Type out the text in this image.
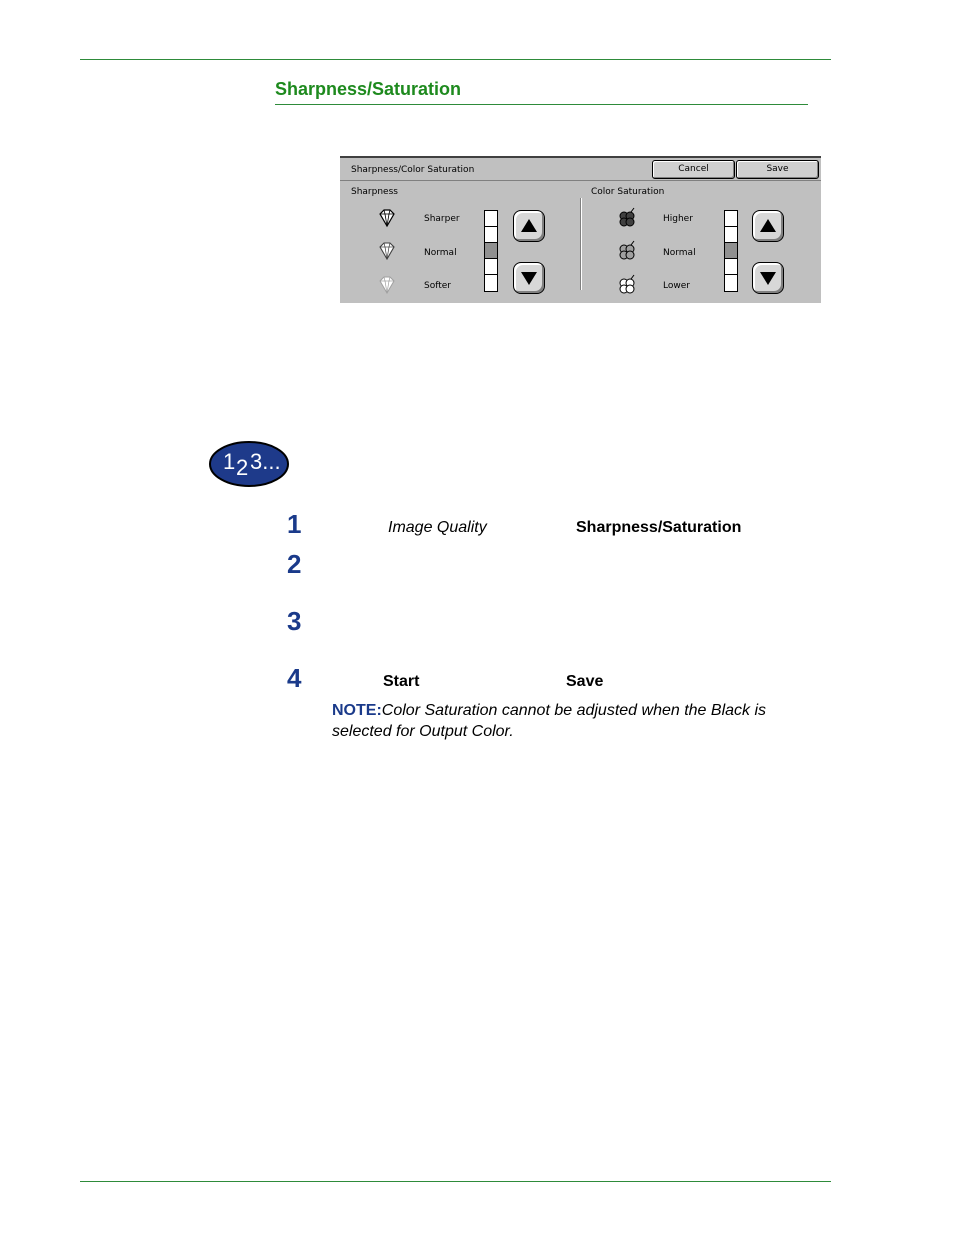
Sharpness/Saturation
Sharpness/Color Saturation	Cancel	Save
Sharpness	Color Saturation
Sharper
Normal
Softer
Higher
Normal
Lower
1 2 3...
1	Image Quality	Sharpness/Saturation
2
3
4	Start	Save
NOTE:Color Saturation cannot be adjusted when the Black is selected for Output Color.
